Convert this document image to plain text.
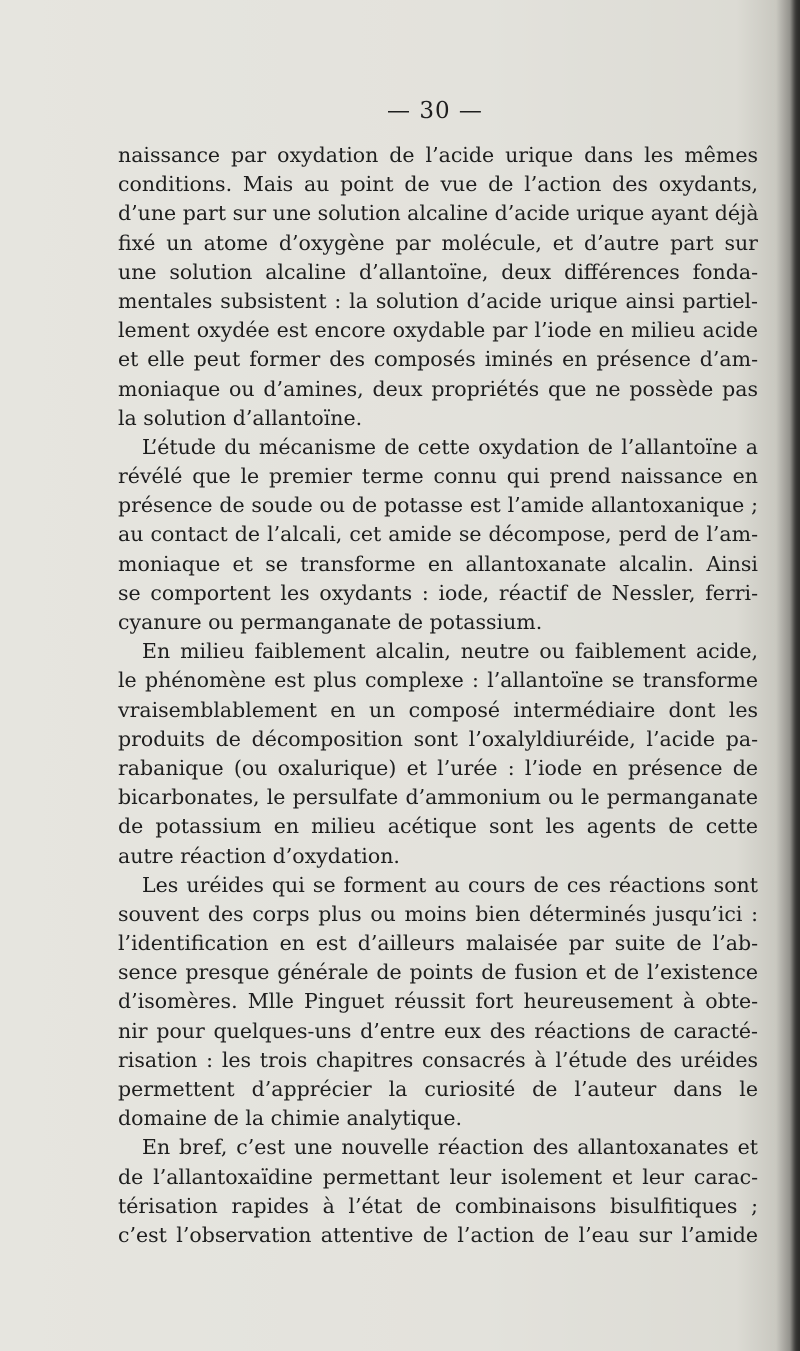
— 30 —
naissance par oxydation de l’acide urique dans les mêmes
conditions. Mais au point de vue de l’action des oxydants,
d’une part sur une solution alcaline d’acide urique ayant déjà
fixé un atome d’oxygène par molécule, et d’autre part sur
une solution alcaline d’allantoïne, deux différences fonda-
mentales subsistent : la solution d’acide urique ainsi partiel-
lement oxydée est encore oxydable par l’iode en milieu acide
et elle peut former des composés iminés en présence d’am-
moniaque ou d’amines, deux propriétés que ne possède pas
la solution d’allantoïne.
L’étude du mécanisme de cette oxydation de l’allantoïne a
révélé que le premier terme connu qui prend naissance en
présence de soude ou de potasse est l’amide allantoxanique ;
au contact de l’alcali, cet amide se décompose, perd de l’am-
moniaque et se transforme en allantoxanate alcalin. Ainsi
se comportent les oxydants : iode, réactif de Nessler, ferri-
cyanure ou permanganate de potassium.
En milieu faiblement alcalin, neutre ou faiblement acide,
le phénomène est plus complexe : l’allantoïne se transforme
vraisemblablement en un composé intermédiaire dont les
produits de décomposition sont l’oxalyldiuréide, l’acide pa-
rabanique (ou oxalurique) et l’urée : l’iode en présence de
bicarbonates, le persulfate d’ammonium ou le permanganate
de potassium en milieu acétique sont les agents de cette
autre réaction d’oxydation.
Les uréides qui se forment au cours de ces réactions sont
souvent des corps plus ou moins bien déterminés jusqu’ici :
l’identification en est d’ailleurs malaisée par suite de l’ab-
sence presque générale de points de fusion et de l’existence
d’isomères. Mlle Pinguet réussit fort heureusement à obte-
nir pour quelques-uns d’entre eux des réactions de caracté-
risation : les trois chapitres consacrés à l’étude des uréides
permettent d’apprécier la curiosité de l’auteur dans le
domaine de la chimie analytique.
En bref, c’est une nouvelle réaction des allantoxanates et
de l’allantoxaïdine permettant leur isolement et leur carac-
térisation rapides à l’état de combinaisons bisulfitiques ;
c’est l’observation attentive de l’action de l’eau sur l’amide
